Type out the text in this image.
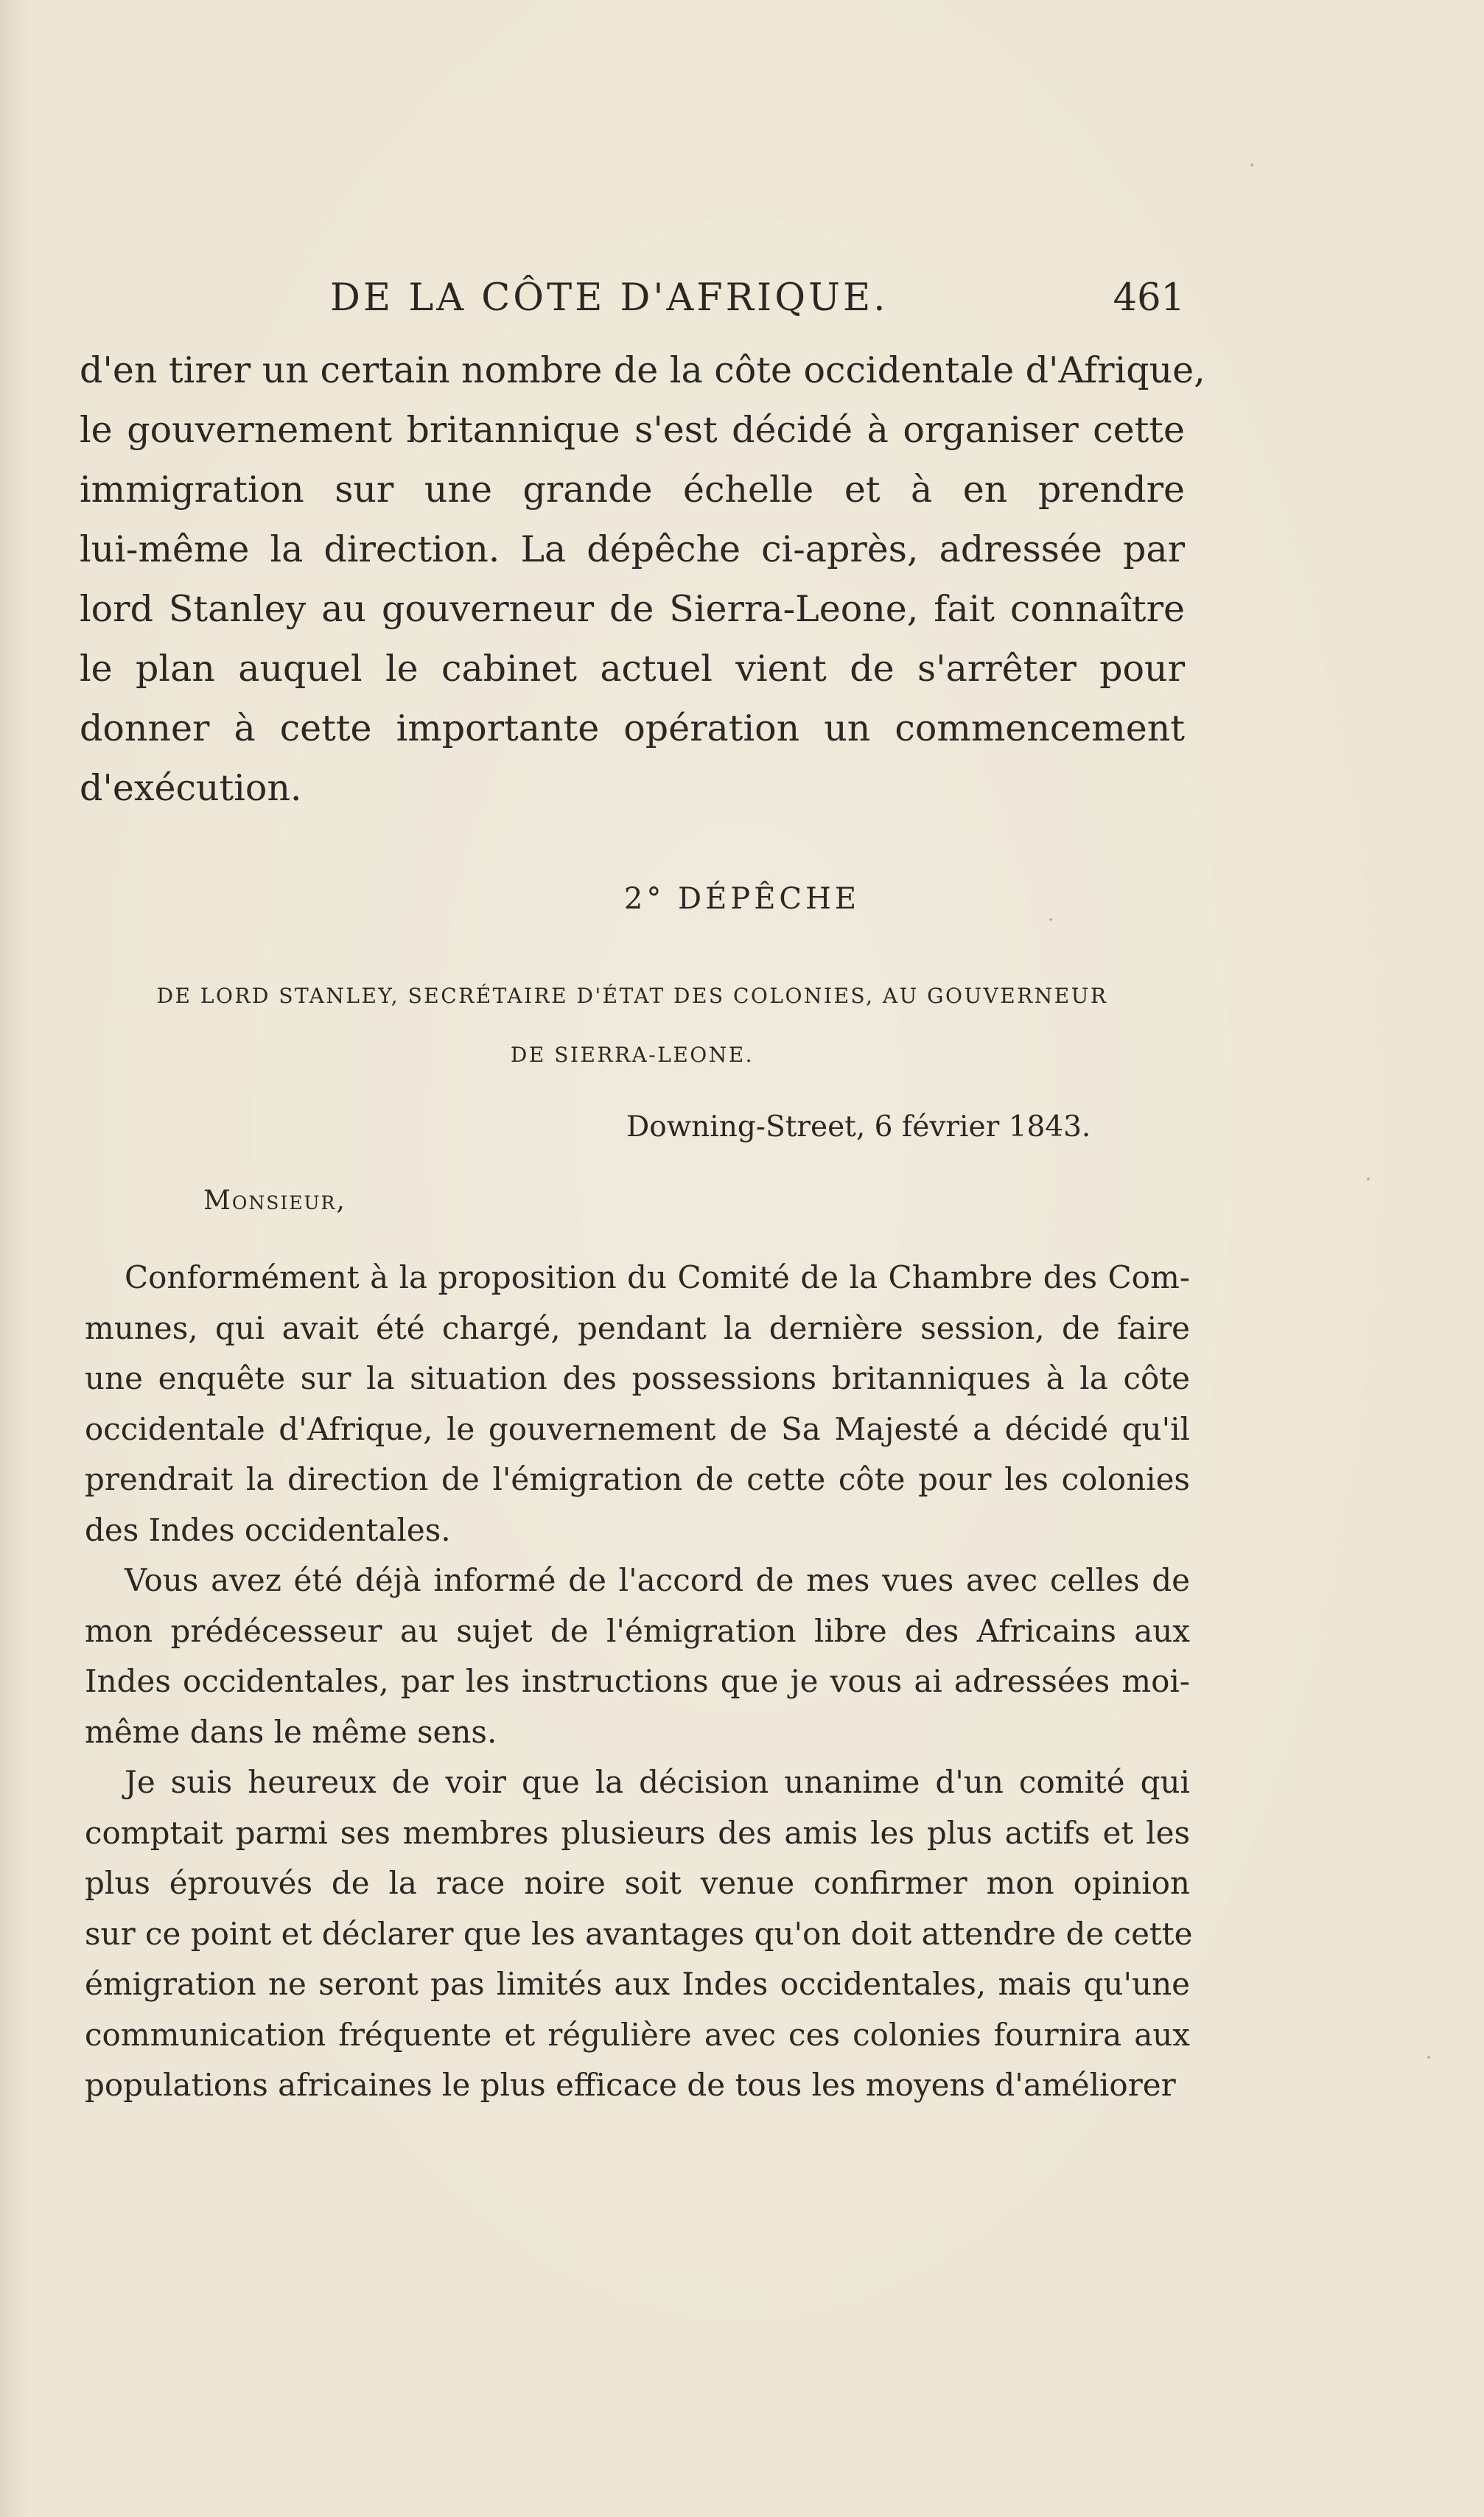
DE LA CÔTE D'AFRIQUE.	461
d'en tirer un certain nombre de la côte occidentale d'Afrique,
le gouvernement britannique s'est décidé à organiser cette
immigration sur une grande échelle et à en prendre
lui-même la direction. La dépêche ci-après, adressée par
lord Stanley au gouverneur de Sierra-Leone, fait connaître
le plan auquel le cabinet actuel vient de s'arrêter pour
donner à cette importante opération un commencement
d'exécution.
2° DÉPÊCHE
DE LORD STANLEY, SECRÉTAIRE D'ÉTAT DES COLONIES, AU GOUVERNEUR
DE SIERRA-LEONE.
Downing-Street, 6 février 1843.
Monsieur,
Conformément à la proposition du Comité de la Chambre des Com-
munes, qui avait été chargé, pendant la dernière session, de faire
une enquête sur la situation des possessions britanniques à la côte
occidentale d'Afrique, le gouvernement de Sa Majesté a décidé qu'il
prendrait la direction de l'émigration de cette côte pour les colonies
des Indes occidentales.
Vous avez été déjà informé de l'accord de mes vues avec celles de
mon prédécesseur au sujet de l'émigration libre des Africains aux
Indes occidentales, par les instructions que je vous ai adressées moi-
même dans le même sens.
Je suis heureux de voir que la décision unanime d'un comité qui
comptait parmi ses membres plusieurs des amis les plus actifs et les
plus éprouvés de la race noire soit venue confirmer mon opinion
sur ce point et déclarer que les avantages qu'on doit attendre de cette
émigration ne seront pas limités aux Indes occidentales, mais qu'une
communication fréquente et régulière avec ces colonies fournira aux
populations africaines le plus efficace de tous les moyens d'améliorer
